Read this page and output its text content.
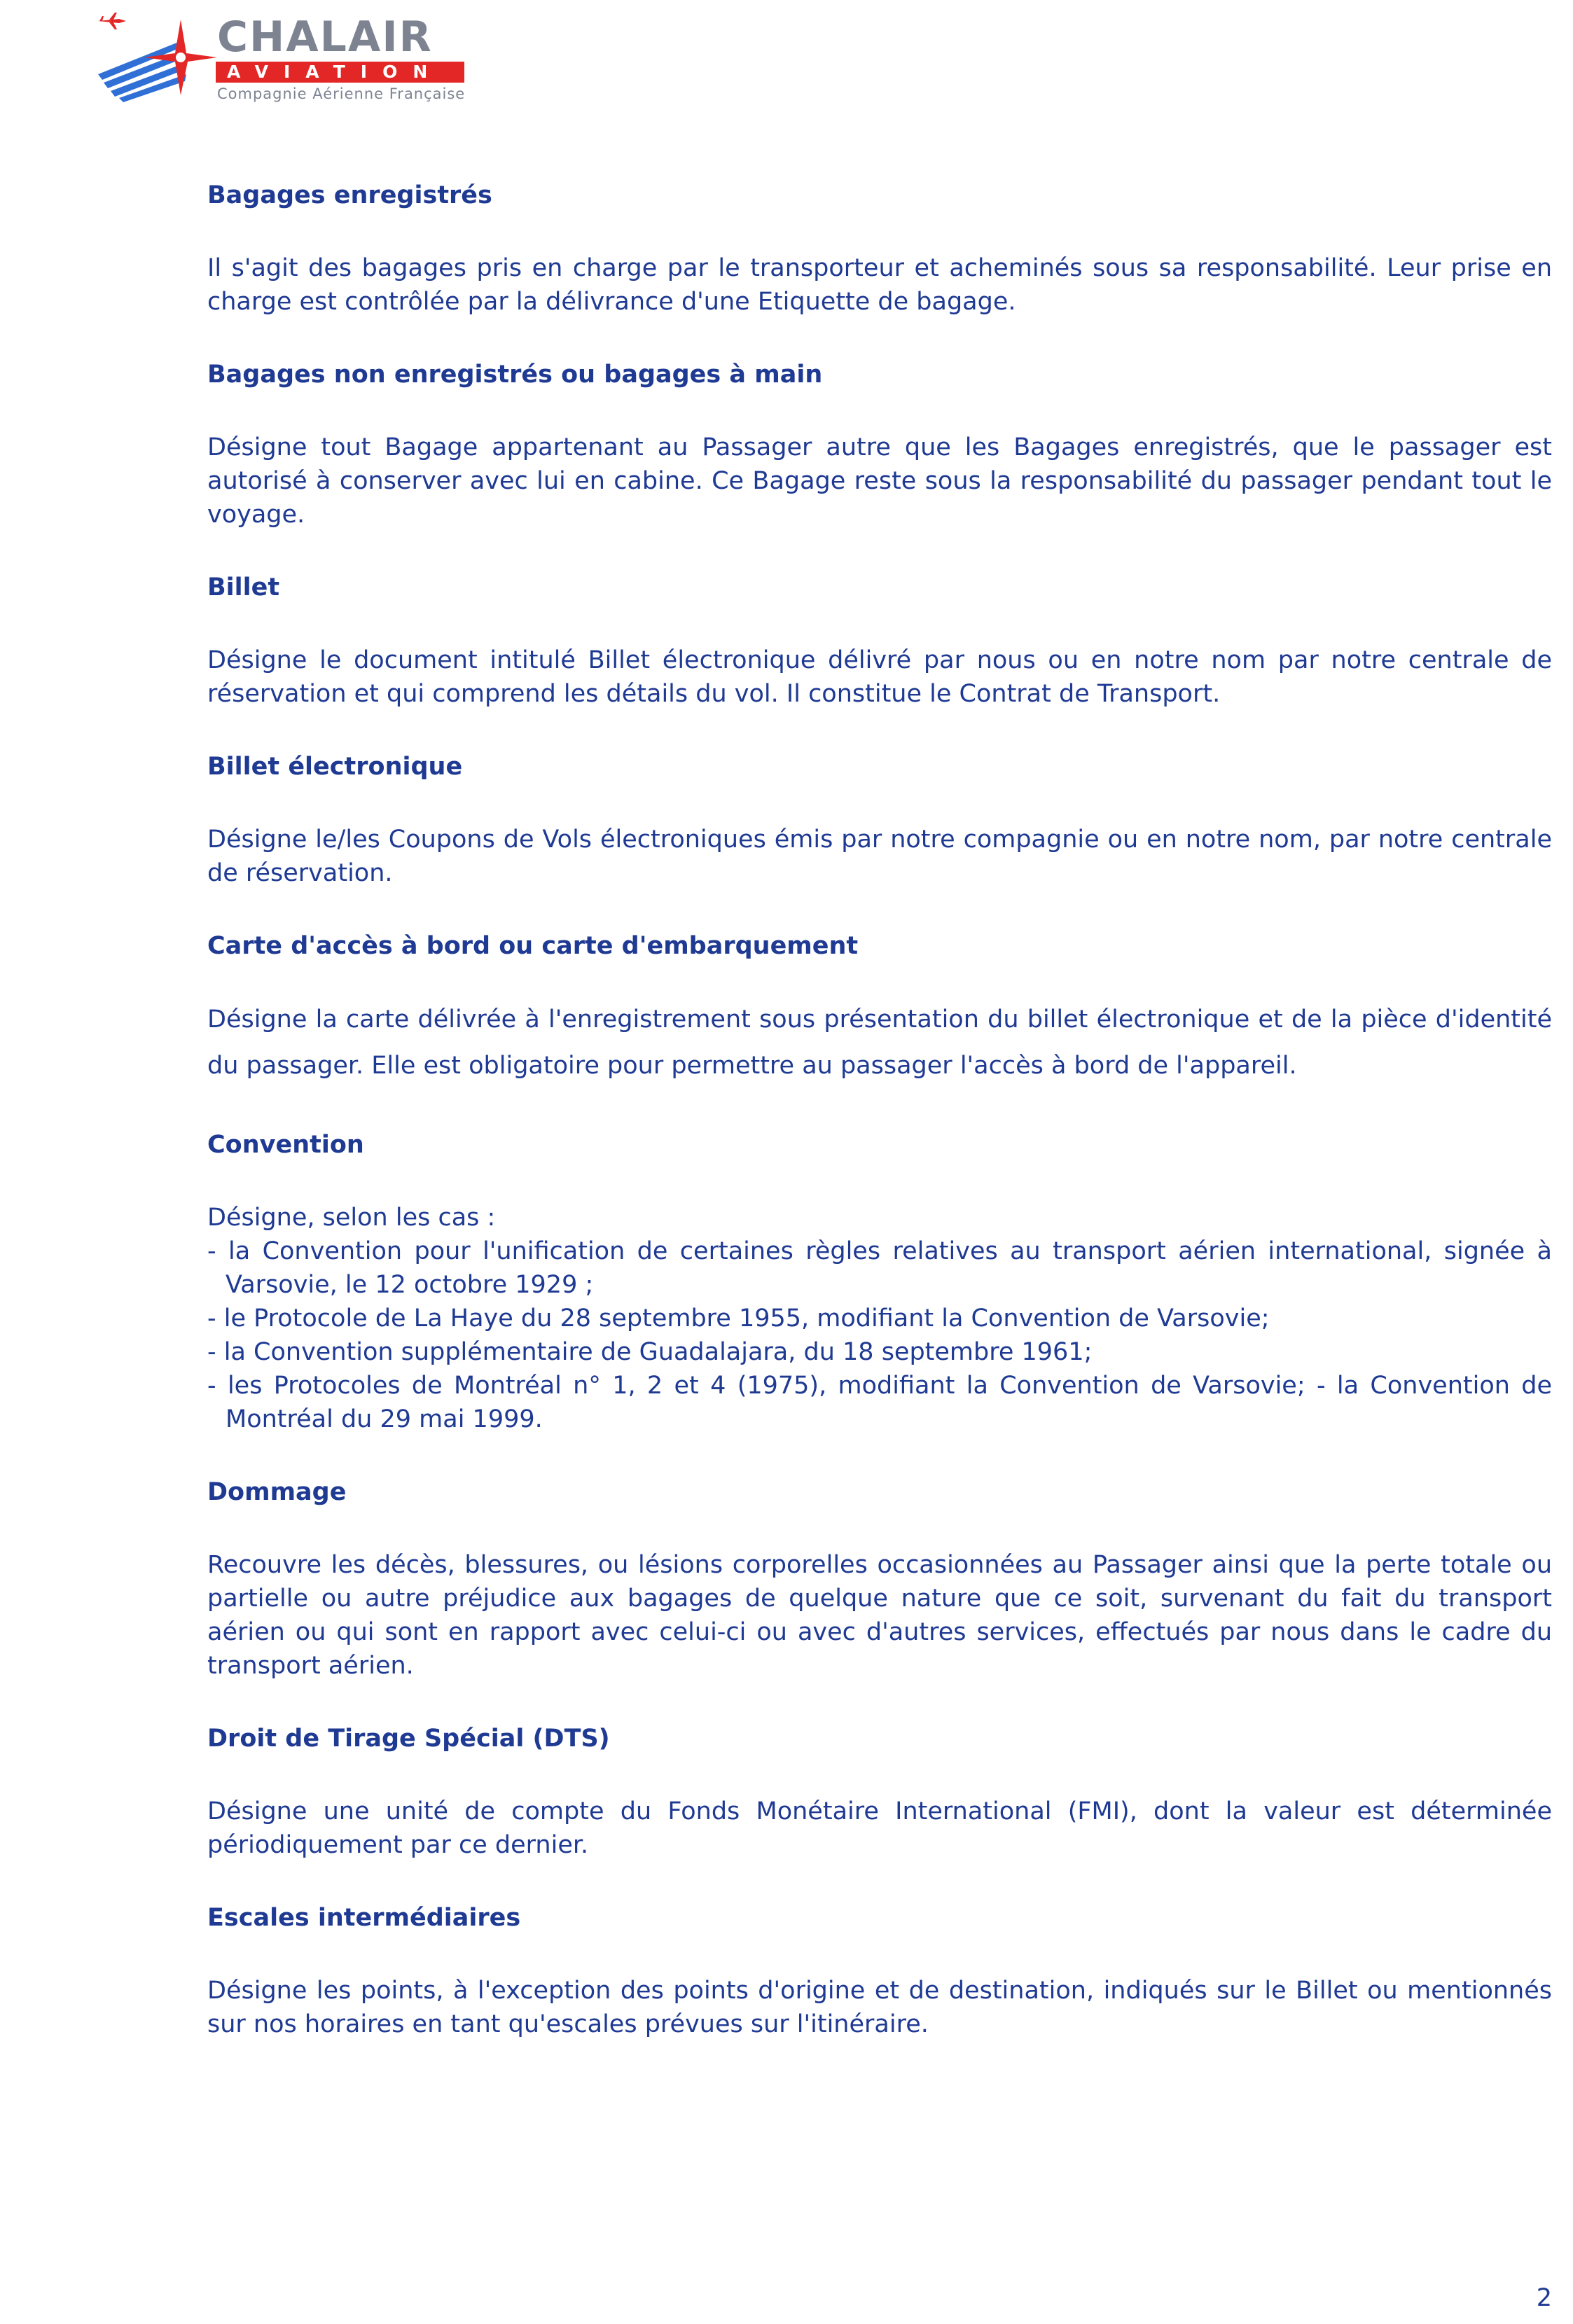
CHALAIR
AVIATION
Compagnie Aérienne Française
Bagages enregistrés
Il s'agit des bagages pris en charge par le transporteur et acheminés sous sa responsabilité. Leur prise en charge est contrôlée par la délivrance d'une Etiquette de bagage.
Bagages non enregistrés ou bagages à main
Désigne tout Bagage appartenant au Passager autre que les Bagages enregistrés, que le passager est autorisé à conserver avec lui en cabine. Ce Bagage reste sous la responsabilité du passager pendant tout le voyage.
Billet
Désigne le document intitulé Billet électronique délivré par nous ou en notre nom par notre centrale de réservation et qui comprend les détails du vol. Il constitue le Contrat de Transport.
Billet électronique
Désigne le/les Coupons de Vols électroniques émis par notre compagnie ou en notre nom, par notre centrale de réservation.
Carte d'accès à bord ou carte d'embarquement
Désigne la carte délivrée à l'enregistrement sous présentation du billet électronique et de la pièce d'identité du passager. Elle est obligatoire pour permettre au passager l'accès à bord de l'appareil.
Convention
Désigne, selon les cas :
- la Convention pour l'unification de certaines règles relatives au transport aérien international, signée à Varsovie, le 12 octobre 1929 ;
- le Protocole de La Haye du 28 septembre 1955, modifiant la Convention de Varsovie;
- la Convention supplémentaire de Guadalajara, du 18 septembre 1961;
- les Protocoles de Montréal n° 1, 2 et 4 (1975), modifiant la Convention de Varsovie; - la Convention de Montréal du 29 mai 1999.
Dommage
Recouvre les décès, blessures, ou lésions corporelles occasionnées au Passager ainsi que la perte totale ou partielle ou autre préjudice aux bagages de quelque nature que ce soit, survenant du fait du transport aérien ou qui sont en rapport avec celui-ci ou avec d'autres services, effectués par nous dans le cadre du transport aérien.
Droit de Tirage Spécial (DTS)
Désigne une unité de compte du Fonds Monétaire International (FMI), dont la valeur est déterminée périodiquement par ce dernier.
Escales intermédiaires
Désigne les points, à l'exception des points d'origine et de destination, indiqués sur le Billet ou mentionnés sur nos horaires en tant qu'escales prévues sur l'itinéraire.
2
